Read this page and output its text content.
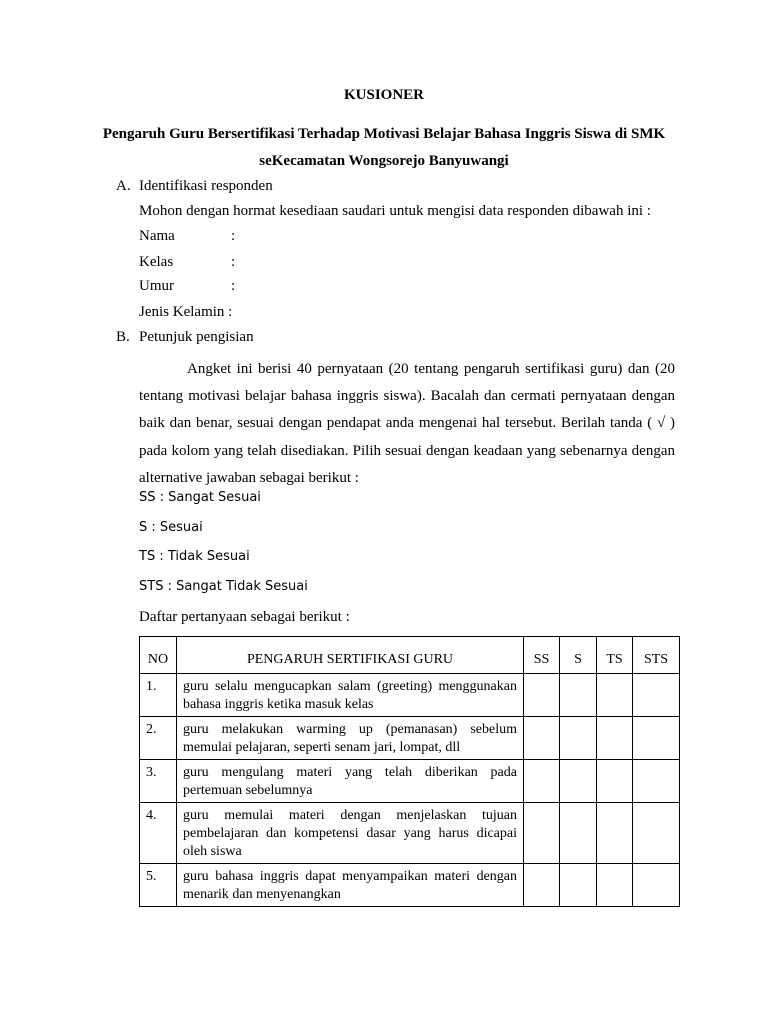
KUSIONER
Pengaruh Guru Bersertifikasi Terhadap Motivasi Belajar Bahasa Inggris Siswa di SMK seKecamatan Wongsorejo Banyuwangi
A. Identifikasi responden
Mohon dengan hormat kesediaan saudari untuk mengisi data responden dibawah ini :
Nama	:
Kelas	:
Umur	:
Jenis Kelamin :
B. Petunjuk pengisian
Angket ini berisi 40 pernyataan (20 tentang pengaruh sertifikasi guru) dan (20 tentang motivasi belajar bahasa inggris siswa). Bacalah dan cermati pernyataan dengan baik dan benar, sesuai dengan pendapat anda mengenai hal tersebut. Berilah tanda ( √ ) pada kolom yang telah disediakan. Pilih sesuai dengan keadaan yang sebenarnya dengan alternative jawaban sebagai berikut :
SS : Sangat Sesuai
S : Sesuai
TS : Tidak Sesuai
STS : Sangat Tidak Sesuai
Daftar pertanyaan sebagai berikut :
NO	PENGARUH SERTIFIKASI GURU	SS	S	TS	STS
1.	guru selalu mengucapkan salam (greeting) menggunakan bahasa inggris ketika masuk kelas				
2.	guru melakukan warming up (pemanasan) sebelum memulai pelajaran, seperti senam jari, lompat, dll				
3.	guru mengulang materi yang telah diberikan pada pertemuan sebelumnya				
4.	guru memulai materi dengan menjelaskan tujuan pembelajaran dan kompetensi dasar yang harus dicapai oleh siswa				
5.	guru bahasa inggris dapat menyampaikan materi dengan menarik dan menyenangkan				
